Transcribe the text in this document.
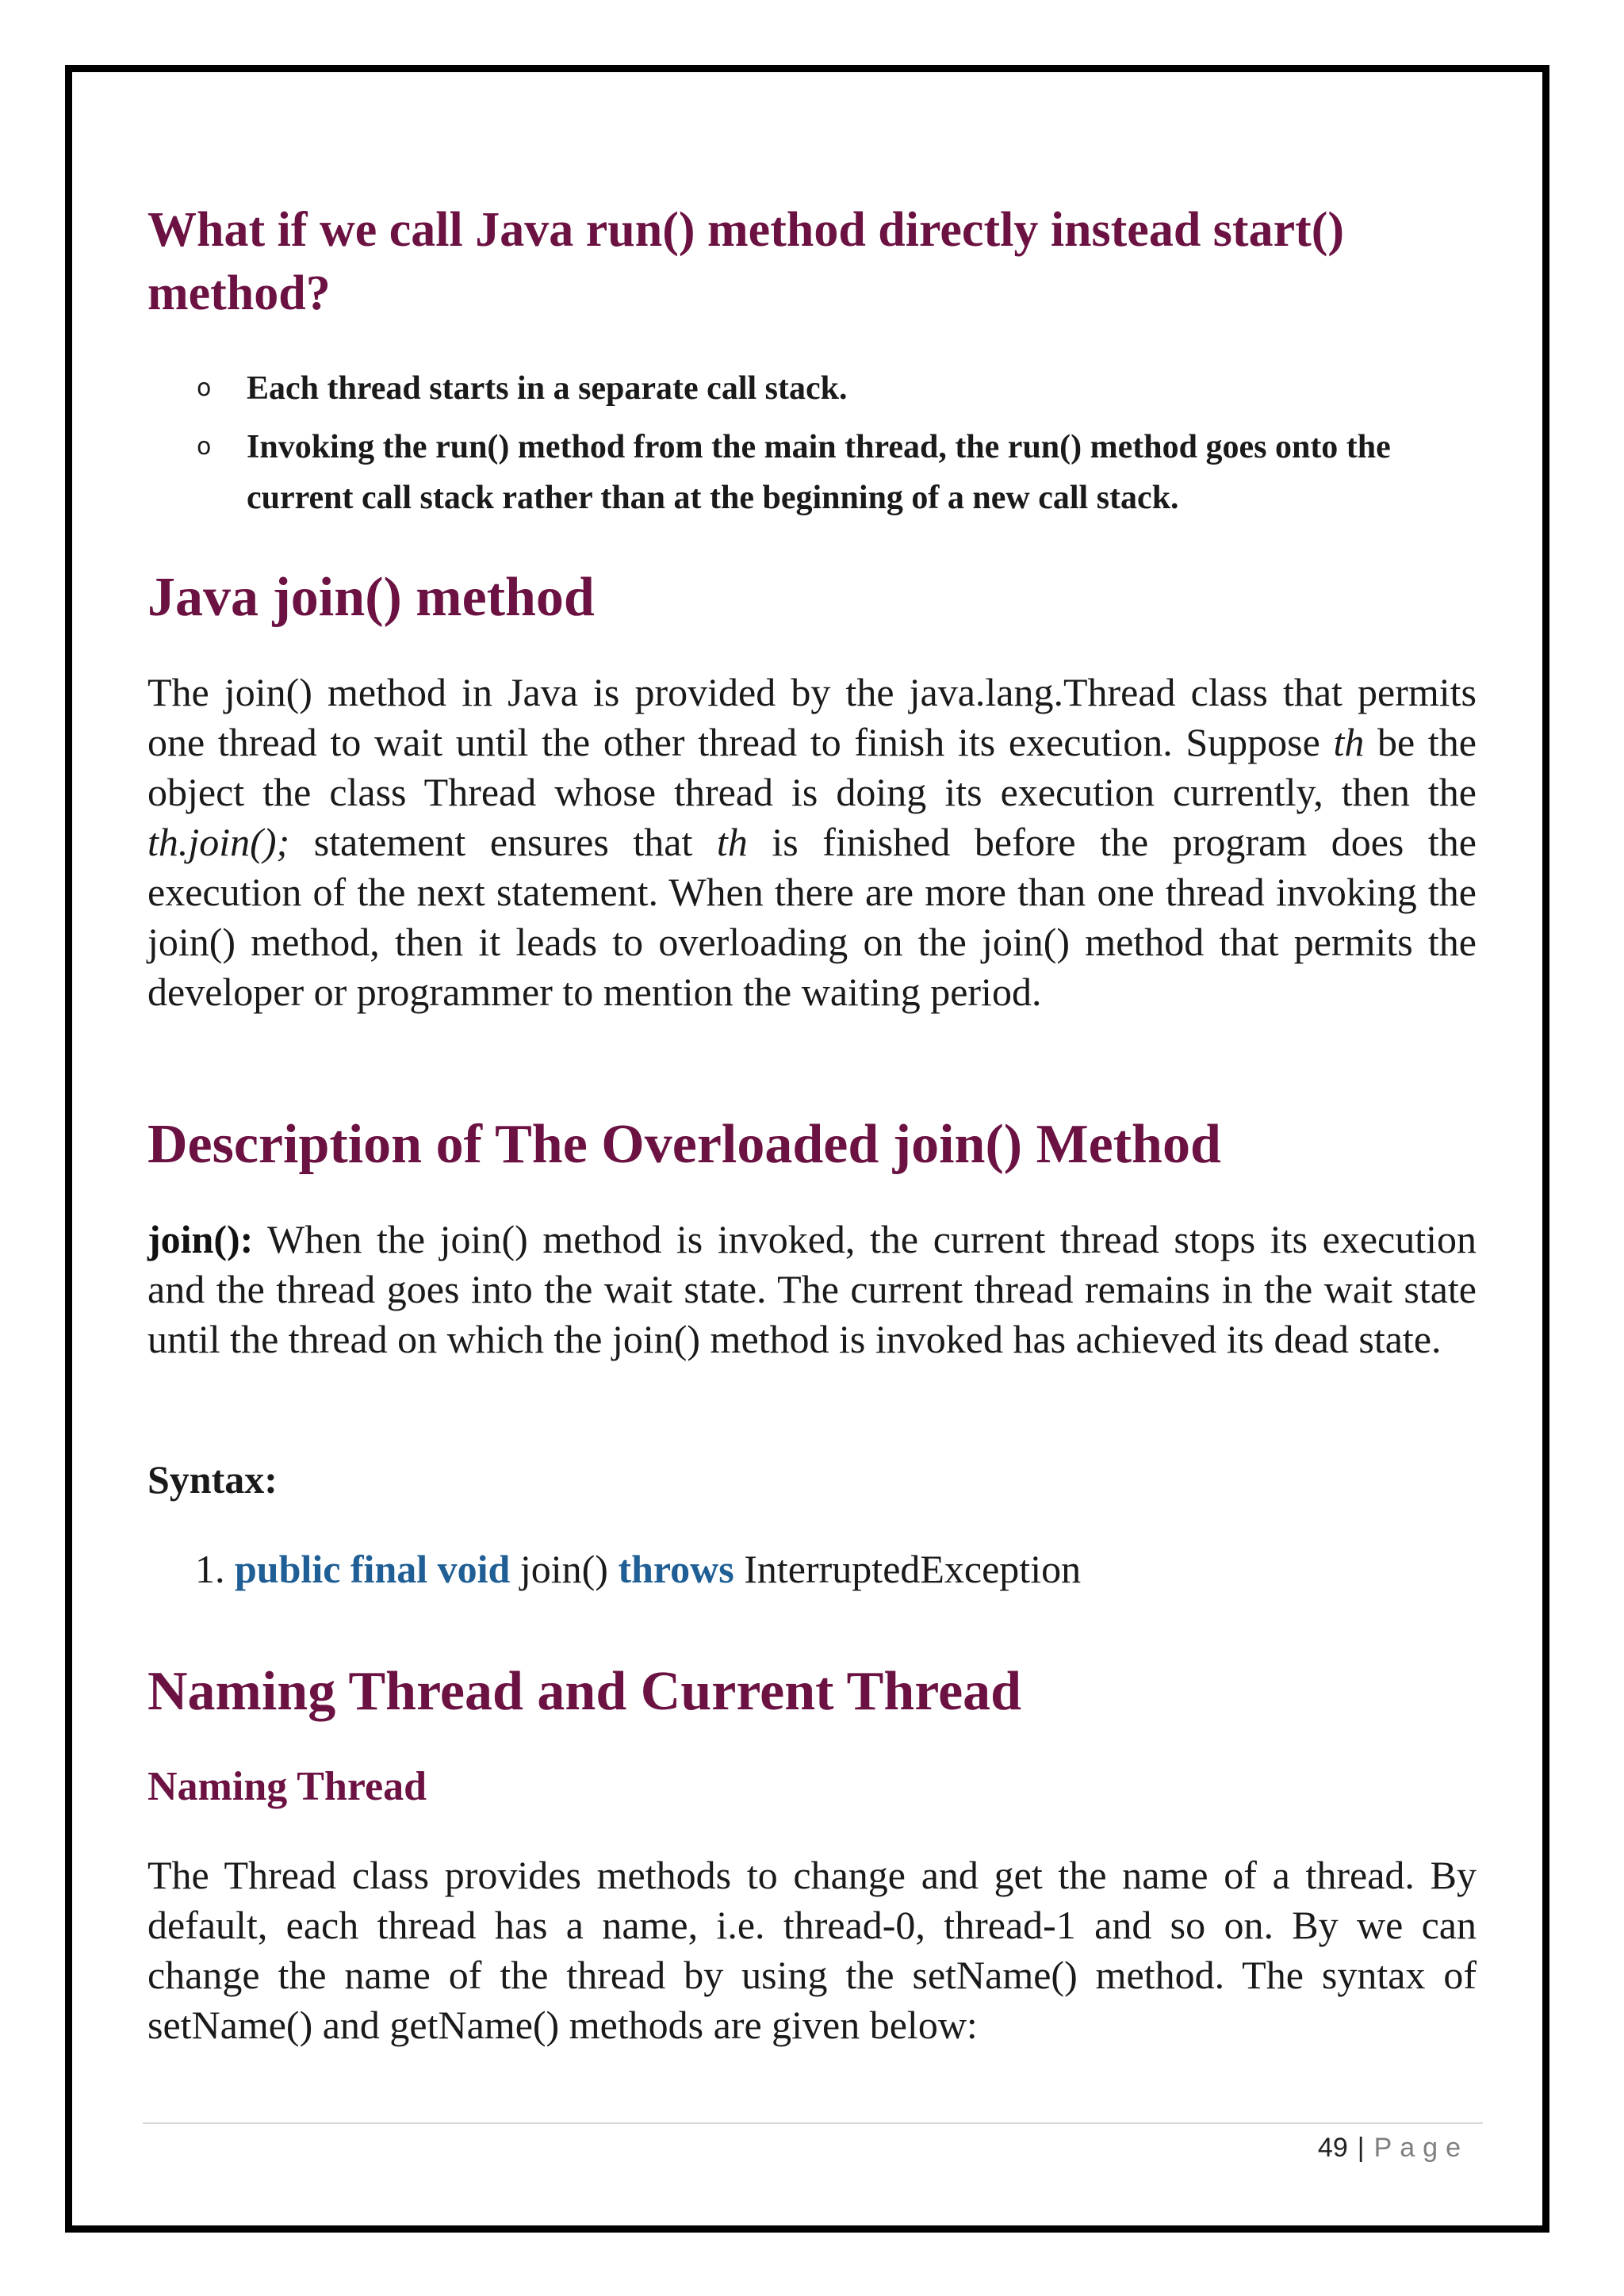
What if we call Java run() method directly instead start() method?
o Each thread starts in a separate call stack.
o Invoking the run() method from the main thread, the run() method goes onto the current call stack rather than at the beginning of a new call stack.
Java join() method

The join() method in Java is provided by the java.lang.Thread class that permits one thread to wait until the other thread to finish its execution. Suppose th be the object the class Thread whose thread is doing its execution currently, then the th.join(); statement ensures that th is finished before the program does the execution of the next statement. When there are more than one thread invoking the join() method, then it leads to overloading on the join() method that permits the developer or programmer to mention the waiting period.

Description of The Overloaded join() Method

join(): When the join() method is invoked, the current thread stops its execution and the thread goes into the wait state. The current thread remains in the wait state until the thread on which the join() method is invoked has achieved its dead state.

Syntax:
1. public final void join() throws InterruptedException
Naming Thread and Current Thread
Naming Thread

The Thread class provides methods to change and get the name of a thread. By default, each thread has a name, i.e. thread-0, thread-1 and so on. By we can change the name of the thread by using the setName() method. The syntax of setName() and getName() methods are given below:

49 | Page
